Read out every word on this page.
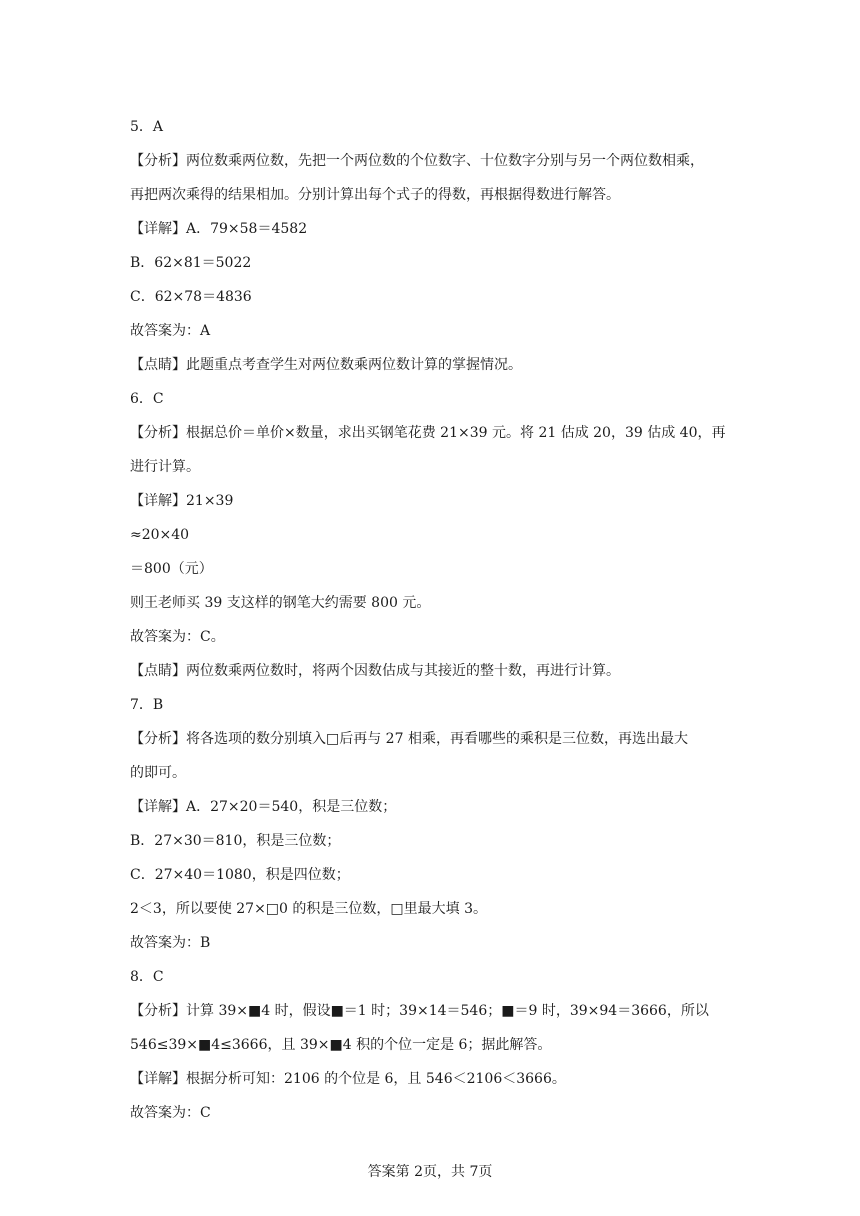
5．A
【分析】两位数乘两位数，先把一个两位数的个位数字、十位数字分别与另一个两位数相乘，
再把两次乘得的结果相加。分别计算出每个式子的得数，再根据得数进行解答。
【详解】A．79×58＝4582
B．62×81＝5022
C．62×78＝4836
故答案为：A
【点睛】此题重点考查学生对两位数乘两位数计算的掌握情况。
6．C
【分析】根据总价＝单价×数量，求出买钢笔花费 21×39 元。将 21 估成 20，39 估成 40，再
进行计算。
【详解】21×39
≈20×40
＝800（元）
则王老师买 39 支这样的钢笔大约需要 800 元。
故答案为：C。
【点睛】两位数乘两位数时，将两个因数估成与其接近的整十数，再进行计算。
7．B
【分析】将各选项的数分别填入□后再与 27 相乘，再看哪些的乘积是三位数，再选出最大
的即可。
【详解】A．27×20＝540，积是三位数；
B．27×30＝810，积是三位数；
C．27×40＝1080，积是四位数；
2＜3，所以要使 27×□0 的积是三位数，□里最大填 3。
故答案为：B
8．C
【分析】计算 39×■4 时，假设■＝1 时；39×14＝546；■＝9 时，39×94＝3666，所以
546≤39×■4≤3666，且 39×■4 积的个位一定是 6；据此解答。
【详解】根据分析可知：2106 的个位是 6，且 546＜2106＜3666。
故答案为：C
答案第 2页，共 7页
